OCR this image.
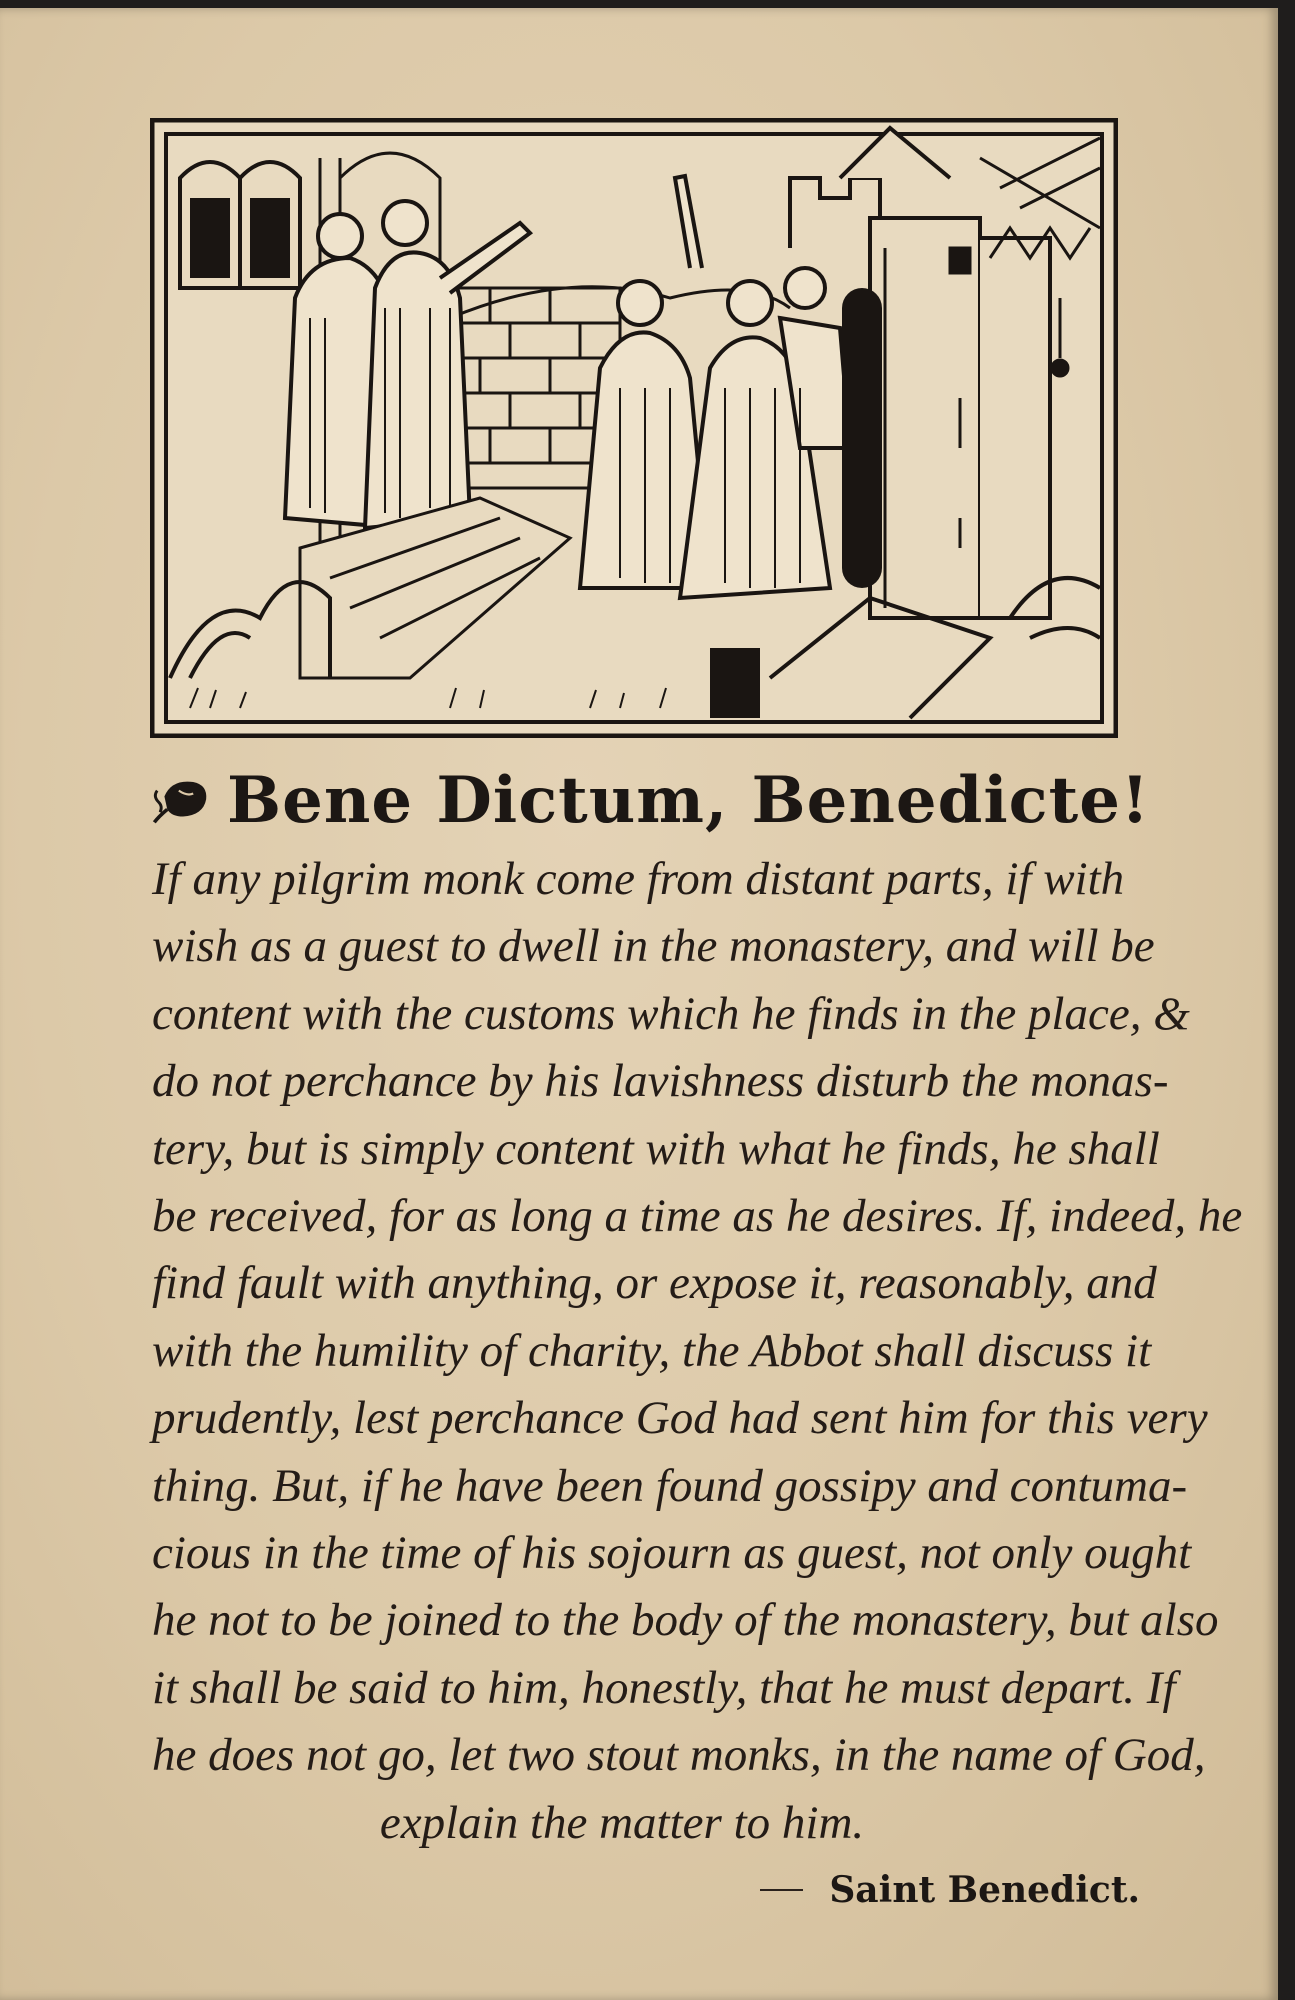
Bene Dictum, Benedicte!
If any pilgrim monk come from distant parts, if with
wish as a guest to dwell in the monastery, and will be
content with the customs which he finds in the place, &
do not perchance by his lavishness disturb the monas-
tery, but is simply content with what he finds, he shall
be received, for as long a time as he desires. If, indeed, he
find fault with anything, or expose it, reasonably, and
with the humility of charity, the Abbot shall discuss it
prudently, lest perchance God had sent him for this very
thing. But, if he have been found gossipy and contuma-
cious in the time of his sojourn as guest, not only ought
he not to be joined to the body of the monastery, but also
it shall be said to him, honestly, that he must depart. If
he does not go, let two stout monks, in the name of God,
explain the matter to him.
Saint Benedict.
